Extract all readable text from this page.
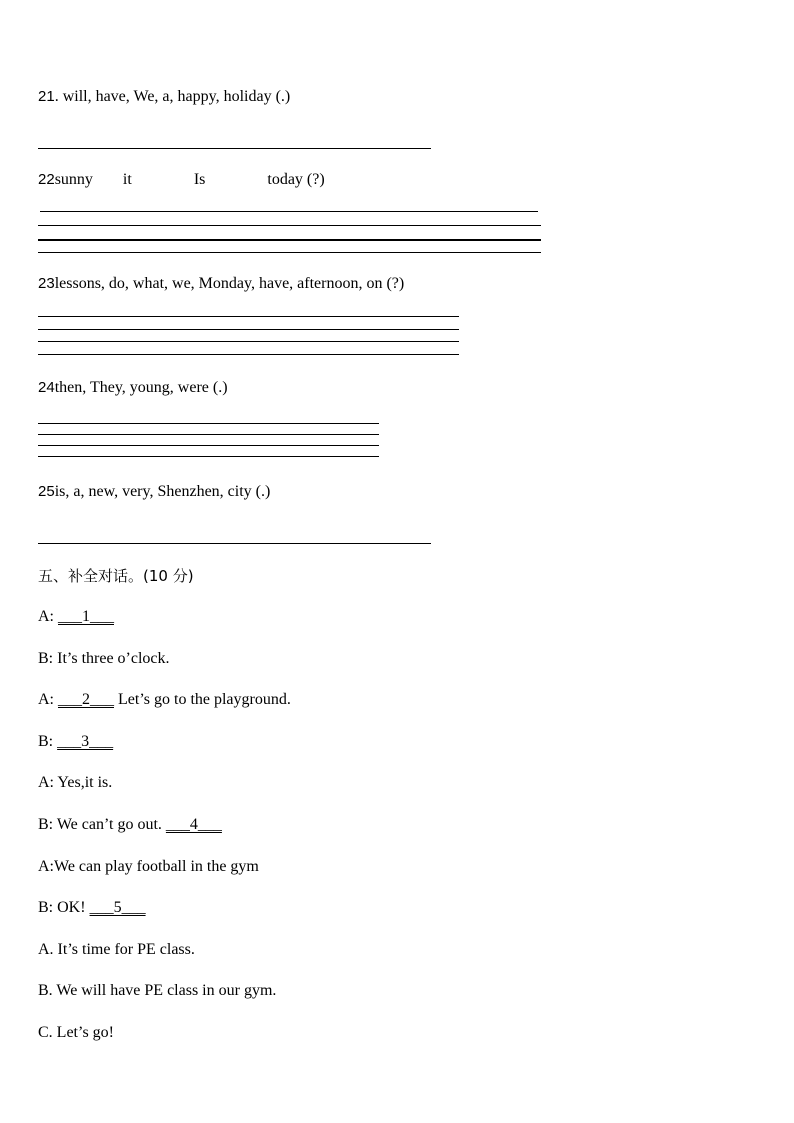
21. will, have, We, a, happy, holiday (.)
22sunny it	Is	today (?)
23lessons, do, what, we, Monday, have, afternoon, on (?)
24then, They, young, were (.)
25is, a, new, very, Shenzhen, city (.)
五、补全对话。(10 分)
A: ___1___
B: It’s three o’clock.
A: ___2___ Let’s go to the playground.
B: ___3___
A: Yes,it is.
B: We can’t go out. ___4___
A:We can play football in the gym
B: OK! ___5___
A. It’s time for PE class.
B. We will have PE class in our gym.
C. Let’s go!
